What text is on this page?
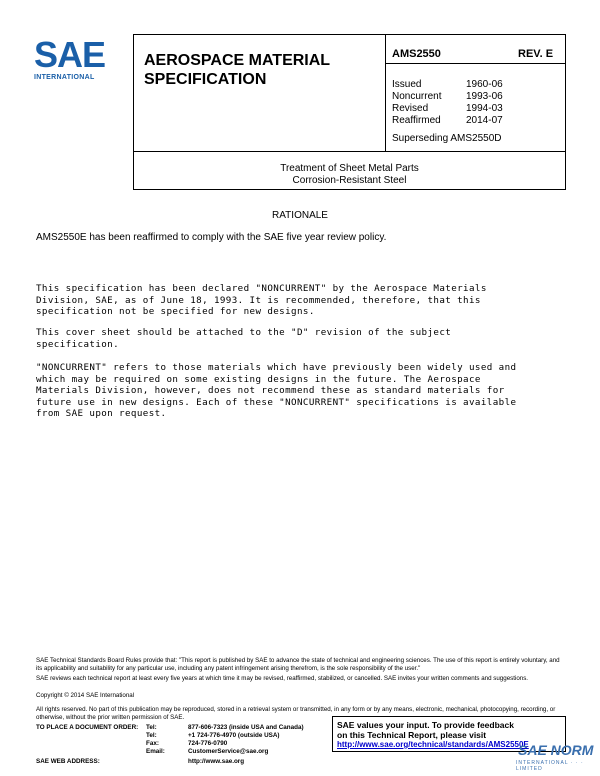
SAE
INTERNATIONAL
AEROSPACE MATERIAL
SPECIFICATION
AMS2550	REV. E
Issued	1960-06
Noncurrent	1993-06
Revised	1994-03
Reaffirmed	2014-07
Superseding AMS2550D
Treatment of Sheet Metal Parts
Corrosion-Resistant Steel
RATIONALE
AMS2550E has been reaffirmed to comply with the SAE five year review policy.
This specification has been declared "NONCURRENT" by the Aerospace Materials
Division, SAE, as of June 18, 1993. It is recommended, therefore, that this
specification not be specified for new designs.
This cover sheet should be attached to the "D" revision of the subject
specification.
"NONCURRENT" refers to those materials which have previously been widely used and
which may be required on some existing designs in the future. The Aerospace
Materials Division, however, does not recommend these as standard materials for
future use in new designs. Each of these "NONCURRENT" specifications is available
from SAE upon request.
SAE Technical Standards Board Rules provide that: "This report is published by SAE to advance the state of technical and engineering sciences. The use of this report is entirely voluntary, and its applicability and suitability for any particular use, including any patent infringement arising therefrom, is the sole responsibility of the user."
SAE reviews each technical report at least every five years at which time it may be revised, reaffirmed, stabilized, or cancelled. SAE invites your written comments and suggestions.
Copyright © 2014 SAE International
All rights reserved. No part of this publication may be reproduced, stored in a retrieval system or transmitted, in any form or by any means, electronic, mechanical, photocopying, recording, or otherwise, without the prior written permission of SAE.
TO PLACE A DOCUMENT ORDER: Tel:	877-606-7323 (inside USA and Canada)
Tel:	+1 724-776-4970 (outside USA)
Fax:	724-776-0790
Email:	CustomerService@sae.org
SAE WEB ADDRESS:	http://www.sae.org
SAE values your input. To provide feedback
on this Technical Report, please visit
http://www.sae.org/technical/standards/AMS2550E
SAE NORM
INTERNATIONAL · · · LIMITED
